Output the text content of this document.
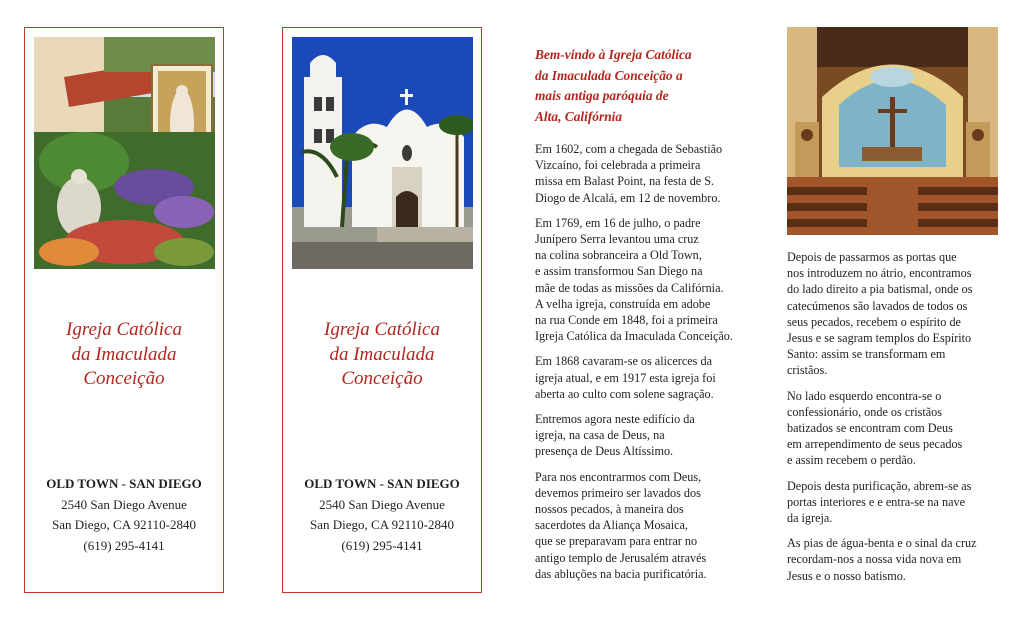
Igreja Católica
da Imaculada
Conceição
OLD TOWN - SAN DIEGO
2540 San Diego Avenue
San Diego, CA 92110-2840
(619) 295-4141
Igreja Católica
da Imaculada
Conceição
OLD TOWN - SAN DIEGO
2540 San Diego Avenue
San Diego, CA 92110-2840
(619) 295-4141
Bem-vindo à Igreja Católica
da Imaculada Conceição a
mais antiga paróquia de
Alta, Califórnia

Em 1602, com a chegada de Sebastião
Vizcaíno, foi celebrada a primeira
missa em Balast Point, na festa de S.
Diogo de Alcalá, em 12 de novembro.

Em 1769, em 16 de julho, o padre
Junípero Serra levantou uma cruz
na colina sobranceira a Old Town,
e assim transformou San Diego na
mãe de todas as missões da Califórnia.
A velha igreja, construída em adobe
na rua Conde em 1848, foi a primeira
Igreja Católica da Imaculada Conceição.

Em 1868 cavaram-se os alicerces da
igreja atual, e em 1917 esta igreja foi
aberta ao culto com solene sagração.

Entremos agora neste edifício da
igreja, na casa de Deus, na
presença de Deus Altíssimo.

Para nos encontrarmos com Deus,
devemos primeiro ser lavados dos
nossos pecados, à maneira dos
sacerdotes da Aliança Mosaica,
que se preparavam para entrar no
antigo templo de Jerusalém através
das abluções na bacia purificatória.

Depois de passarmos as portas que
nos introduzem no átrio, encontramos
do lado direito a pia batismal, onde os
catecúmenos são lavados de todos os
seus pecados, recebem o espírito de
Jesus e se sagram templos do Espírito
Santo: assim se transformam em
cristãos.

No lado esquerdo encontra-se o
confessionário, onde os cristãos
batizados se encontram com Deus
em arrependimento de seus pecados
e assim recebem o perdão.

Depois desta purificação, abrem-se as
portas interiores e e entra-se na nave
da igreja.

As pias de água-benta e o sinal da cruz
recordam-nos a nossa vida nova em
Jesus e o nosso batismo.
